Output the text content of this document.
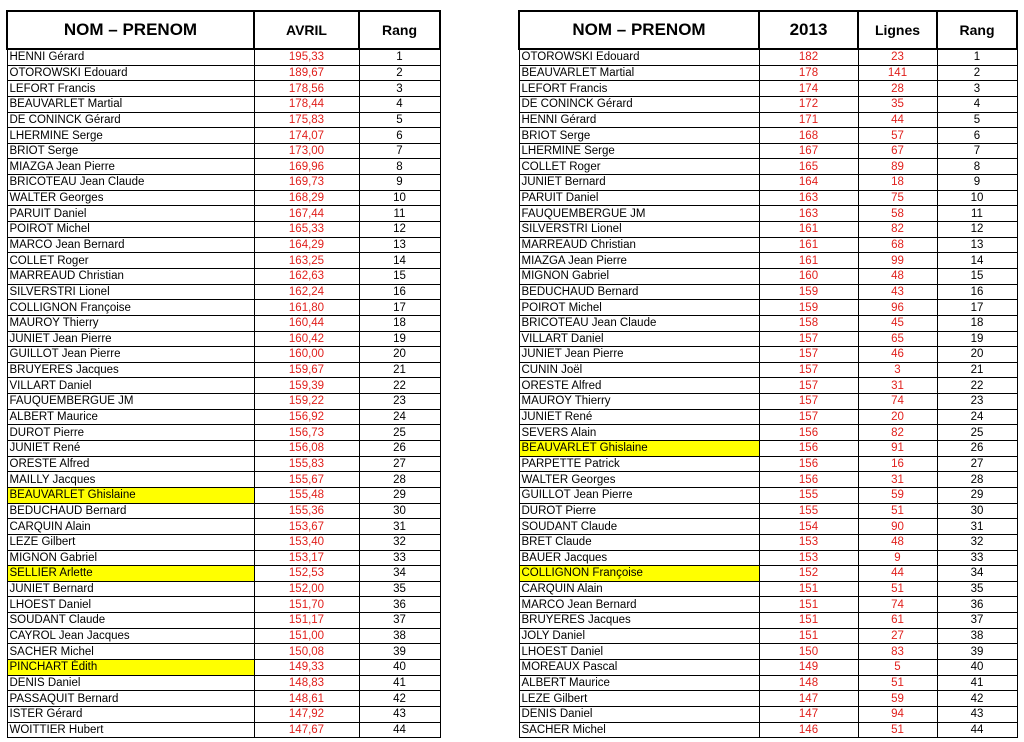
NOM – PRENOM	AVRIL	Rang
HENNI Gérard	195,33	1
OTOROWSKI Edouard	189,67	2
LEFORT Francis	178,56	3
BEAUVARLET Martial	178,44	4
DE CONINCK Gérard	175,83	5
LHERMINE Serge	174,07	6
BRIOT Serge	173,00	7
MIAZGA Jean Pierre	169,96	8
BRICOTEAU Jean Claude	169,73	9
WALTER Georges	168,29	10
PARUIT Daniel	167,44	11
POIROT Michel	165,33	12
MARCO Jean Bernard	164,29	13
COLLET Roger	163,25	14
MARREAUD Christian	162,63	15
SILVERSTRI Lionel	162,24	16
COLLIGNON Françoise	161,80	17
MAUROY Thierry	160,44	18
JUNIET Jean Pierre	160,42	19
GUILLOT Jean Pierre	160,00	20
BRUYERES Jacques	159,67	21
VILLART Daniel	159,39	22
FAUQUEMBERGUE JM	159,22	23
ALBERT Maurice	156,92	24
DUROT Pierre	156,73	25
JUNIET René	156,08	26
ORESTE Alfred	155,83	27
MAILLY Jacques	155,67	28
BEAUVARLET Ghislaine	155,48	29
BEDUCHAUD Bernard	155,36	30
CARQUIN Alain	153,67	31
LEZE Gilbert	153,40	32
MIGNON Gabriel	153,17	33
SELLIER Arlette	152,53	34
JUNIET Bernard	152,00	35
LHOEST Daniel	151,70	36
SOUDANT Claude	151,17	37
CAYROL Jean Jacques	151,00	38
SACHER Michel	150,08	39
PINCHART Édith	149,33	40
DENIS Daniel	148,83	41
PASSAQUIT Bernard	148,61	42
ISTER Gérard	147,92	43
WOITTIER Hubert	147,67	44
NOM – PRENOM	2013	Lignes	Rang
OTOROWSKI Edouard	182	23	1
BEAUVARLET Martial	178	141	2
LEFORT Francis	174	28	3
DE CONINCK Gérard	172	35	4
HENNI Gérard	171	44	5
BRIOT Serge	168	57	6
LHERMINE Serge	167	67	7
COLLET Roger	165	89	8
JUNIET Bernard	164	18	9
PARUIT Daniel	163	75	10
FAUQUEMBERGUE JM	163	58	11
SILVERSTRI Lionel	161	82	12
MARREAUD Christian	161	68	13
MIAZGA Jean Pierre	161	99	14
MIGNON Gabriel	160	48	15
BEDUCHAUD Bernard	159	43	16
POIROT Michel	159	96	17
BRICOTEAU Jean Claude	158	45	18
VILLART Daniel	157	65	19
JUNIET Jean Pierre	157	46	20
CUNIN Joël	157	3	21
ORESTE Alfred	157	31	22
MAUROY Thierry	157	74	23
JUNIET René	157	20	24
SEVERS Alain	156	82	25
BEAUVARLET Ghislaine	156	91	26
PARPETTE Patrick	156	16	27
WALTER Georges	156	31	28
GUILLOT Jean Pierre	155	59	29
DUROT Pierre	155	51	30
SOUDANT Claude	154	90	31
BRET Claude	153	48	32
BAUER Jacques	153	9	33
COLLIGNON Françoise	152	44	34
CARQUIN Alain	151	51	35
MARCO Jean Bernard	151	74	36
BRUYERES Jacques	151	61	37
JOLY Daniel	151	27	38
LHOEST Daniel	150	83	39
MOREAUX Pascal	149	5	40
ALBERT Maurice	148	51	41
LEZE Gilbert	147	59	42
DENIS Daniel	147	94	43
SACHER Michel	146	51	44
